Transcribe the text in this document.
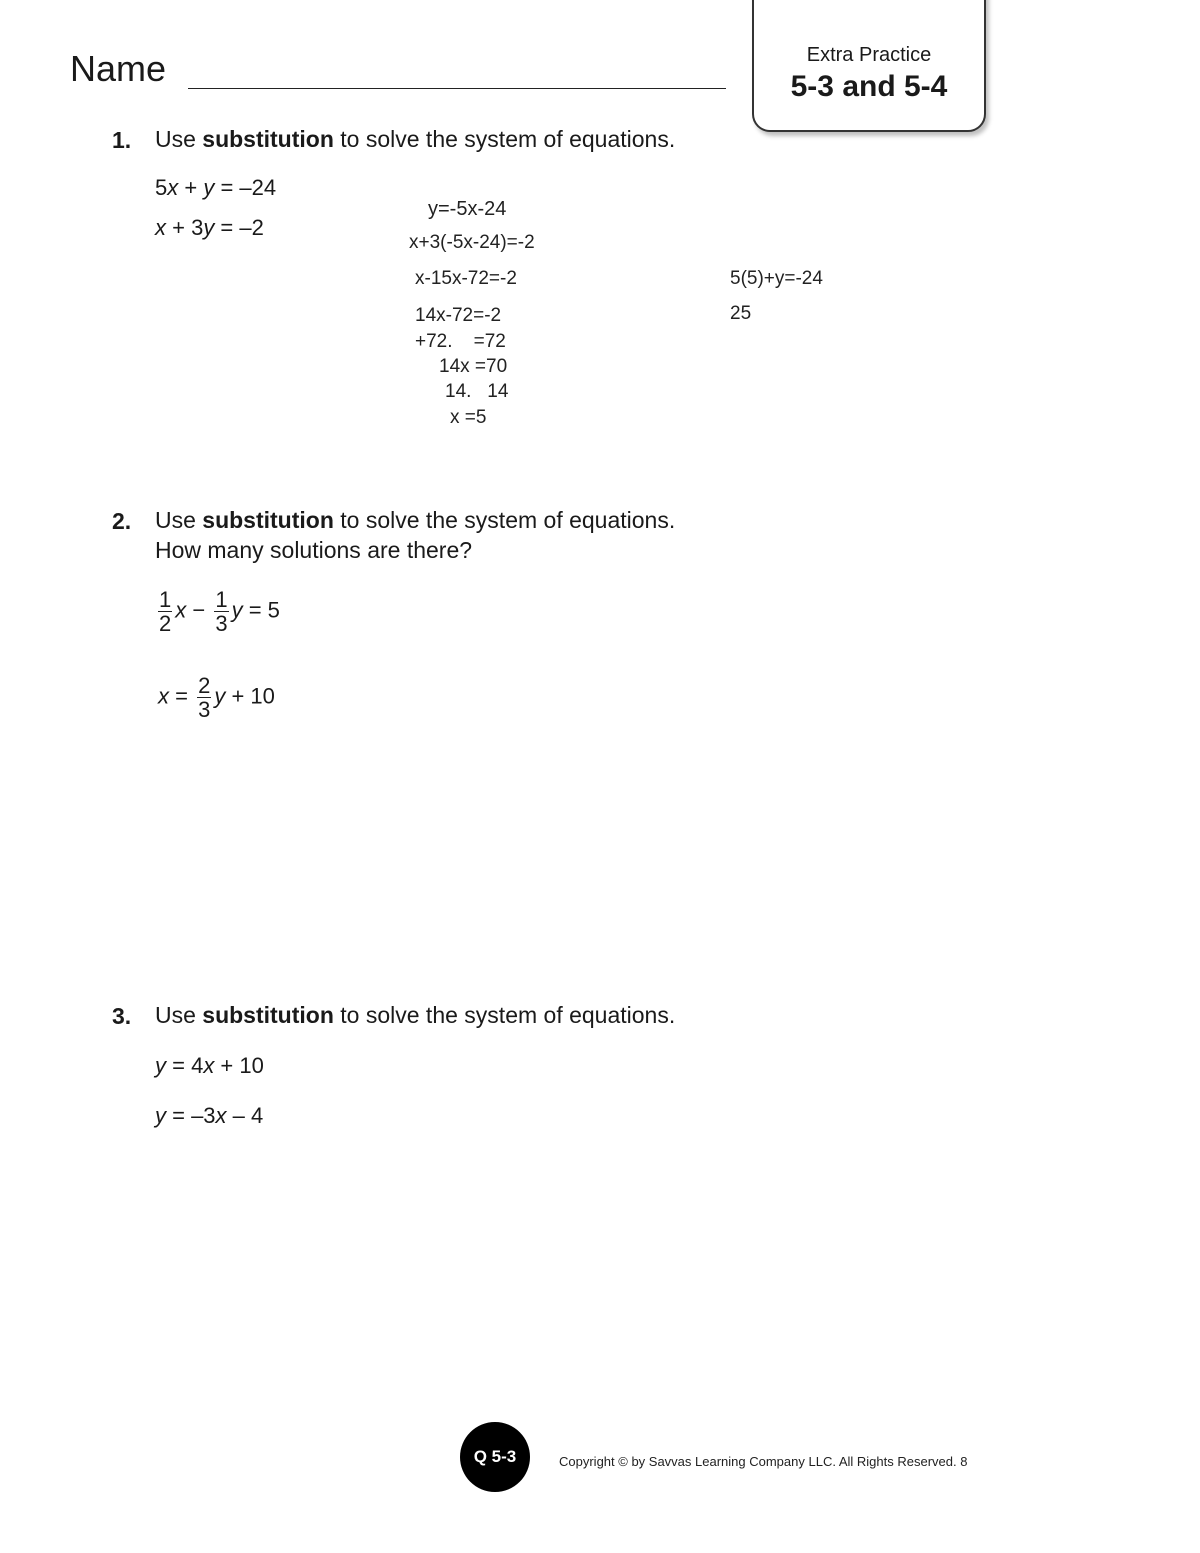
Name	Extra Practice
5-3 and 5-4
1. Use substitution to solve the system of equations.
5x + y = –24
x + 3y = –2
y=-5x-24
x+3(-5x-24)=-2
x-15x-72=-2
14x-72=-2
+72.    =72
14x =70
14.   14
x =5
5(5)+y=-24
25
2. Use substitution to solve the system of equations.
How many solutions are there?
$\frac{1}{2}$ $x - \frac{1}{3}$ y = 5
$x = \frac{2}{3}$ y + 10
3. Use substitution to solve the system of equations.
y = 4x + 10
y = –3x – 4
Q 5-3	Copyright © by Savvas Learning Company LLC. All Rights Reserved. 8
